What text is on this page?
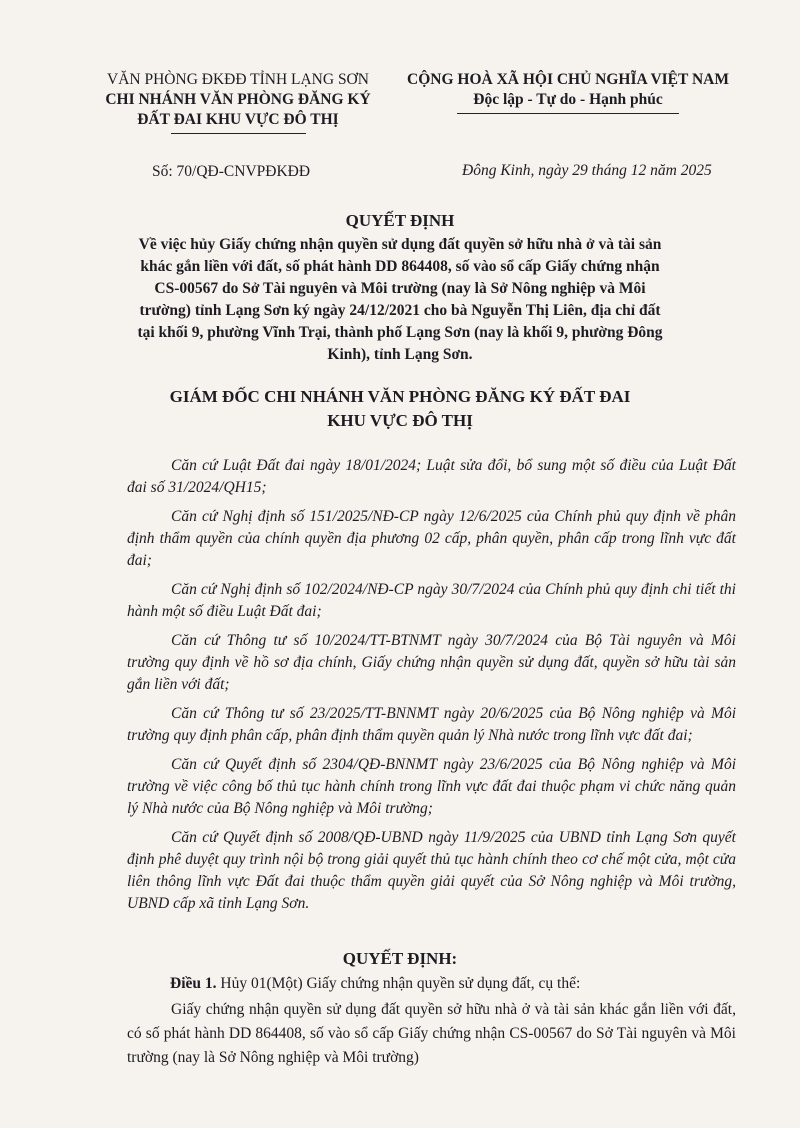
VĂN PHÒNG ĐKĐĐ TỈNH LẠNG SƠN
CHI NHÁNH VĂN PHÒNG ĐĂNG KÝ
ĐẤT ĐAI KHU VỰC ĐÔ THỊ
CỘNG HOÀ XÃ HỘI CHỦ NGHĨA VIỆT NAM
Độc lập - Tự do - Hạnh phúc
Số: 70/QĐ-CNVPĐKĐĐ	Đông Kinh, ngày 29 tháng 12 năm 2025
QUYẾT ĐỊNH
Về việc hủy Giấy chứng nhận quyền sử dụng đất quyền sở hữu nhà ở và tài sản khác gắn liền với đất, số phát hành DD 864408, số vào sổ cấp Giấy chứng nhận CS-00567 do Sở Tài nguyên và Môi trường (nay là Sở Nông nghiệp và Môi trường) tỉnh Lạng Sơn ký ngày 24/12/2021 cho bà Nguyễn Thị Liên, địa chỉ đất tại khối 9, phường Vĩnh Trại, thành phố Lạng Sơn (nay là khối 9, phường Đông Kinh), tỉnh Lạng Sơn.
GIÁM ĐỐC CHI NHÁNH VĂN PHÒNG ĐĂNG KÝ ĐẤT ĐAI
KHU VỰC ĐÔ THỊ

Căn cứ Luật Đất đai ngày 18/01/2024; Luật sửa đổi, bổ sung một số điều của Luật Đất đai số 31/2024/QH15;

Căn cứ Nghị định số 151/2025/NĐ-CP ngày 12/6/2025 của Chính phủ quy định về phân định thẩm quyền của chính quyền địa phương 02 cấp, phân quyền, phân cấp trong lĩnh vực đất đai;

Căn cứ Nghị định số 102/2024/NĐ-CP ngày 30/7/2024 của Chính phủ quy định chi tiết thi hành một số điều Luật Đất đai;

Căn cứ Thông tư số 10/2024/TT-BTNMT ngày 30/7/2024 của Bộ Tài nguyên và Môi trường quy định về hồ sơ địa chính, Giấy chứng nhận quyền sử dụng đất, quyền sở hữu tài sản gắn liền với đất;

Căn cứ Thông tư số 23/2025/TT-BNNMT ngày 20/6/2025 của Bộ Nông nghiệp và Môi trường quy định phân cấp, phân định thẩm quyền quản lý Nhà nước trong lĩnh vực đất đai;

Căn cứ Quyết định số 2304/QĐ-BNNMT ngày 23/6/2025 của Bộ Nông nghiệp và Môi trường về việc công bố thủ tục hành chính trong lĩnh vực đất đai thuộc phạm vi chức năng quản lý Nhà nước của Bộ Nông nghiệp và Môi trường;

Căn cứ Quyết định số 2008/QĐ-UBND ngày 11/9/2025 của UBND tỉnh Lạng Sơn quyết định phê duyệt quy trình nội bộ trong giải quyết thủ tục hành chính theo cơ chế một cửa, một cửa liên thông lĩnh vực Đất đai thuộc thẩm quyền giải quyết của Sở Nông nghiệp và Môi trường, UBND cấp xã tỉnh Lạng Sơn.

QUYẾT ĐỊNH:
Điều 1. Hủy 01(Một) Giấy chứng nhận quyền sử dụng đất, cụ thể:
Giấy chứng nhận quyền sử dụng đất quyền sở hữu nhà ở và tài sản khác gắn liền với đất, có số phát hành DD 864408, số vào sổ cấp Giấy chứng nhận CS-00567 do Sở Tài nguyên và Môi trường (nay là Sở Nông nghiệp và Môi trường)
